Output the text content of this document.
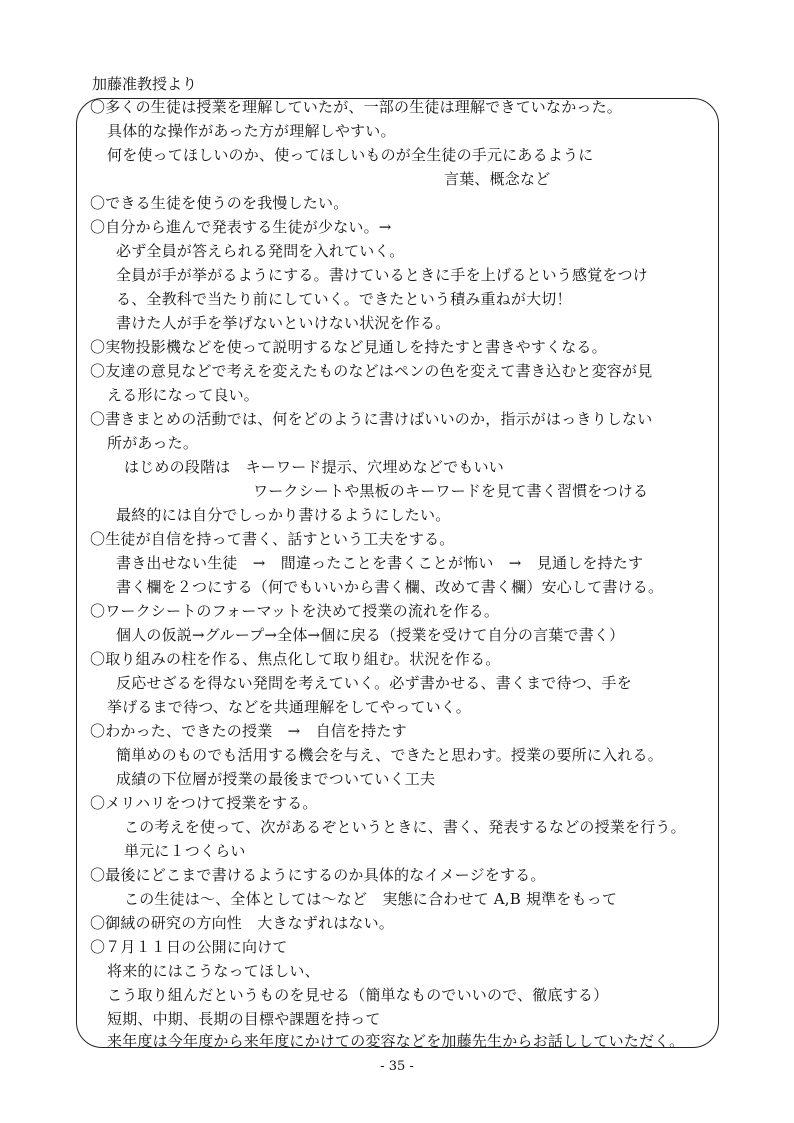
加藤准教授より
〇多くの生徒は授業を理解していたが、一部の生徒は理解できていなかった。
具体的な操作があった方が理解しやすい。
何を使ってほしいのか、使ってほしいものが全生徒の手元にあるように
言葉、概念など
〇できる生徒を使うのを我慢したい。
〇自分から進んで発表する生徒が少ない。→
必ず全員が答えられる発問を入れていく。
全員が手が挙がるようにする。書けているときに手を上げるという感覚をつけ
る、全教科で当たり前にしていく。できたという積み重ねが大切！
書けた人が手を挙げないといけない状況を作る。
〇実物投影機などを使って説明するなど見通しを持たすと書きやすくなる。
〇友達の意見などで考えを変えたものなどはペンの色を変えて書き込むと変容が見
える形になって良い。
〇書きまとめの活動では、何をどのように書けばいいのか，指示がはっきりしない
所があった。
はじめの段階は　キーワード提示、穴埋めなどでもいい
ワークシートや黒板のキーワードを見て書く習慣をつける
最終的には自分でしっかり書けるようにしたい。
〇生徒が自信を持って書く、話すという工夫をする。
書き出せない生徒　→　間違ったことを書くことが怖い　→　見通しを持たす
書く欄を２つにする（何でもいいから書く欄、改めて書く欄）安心して書ける。
〇ワークシートのフォーマットを決めて授業の流れを作る。
個人の仮説→グループ→全体→個に戻る（授業を受けて自分の言葉で書く）
〇取り組みの柱を作る、焦点化して取り組む。状況を作る。
反応せざるを得ない発問を考えていく。必ず書かせる、書くまで待つ、手を
挙げるまで待つ、などを共通理解をしてやっていく。
〇わかった、できたの授業　→　自信を持たす
簡単めのものでも活用する機会を与え、できたと思わす。授業の要所に入れる。
成績の下位層が授業の最後までついていく工夫
〇メリハリをつけて授業をする。
この考えを使って、次があるぞというときに、書く、発表するなどの授業を行う。
単元に１つくらい
〇最後にどこまで書けるようにするのか具体的なイメージをする。
この生徒は～、全体としては～など　実態に合わせて A,B 規準をもって
〇御絨の研究の方向性　大きなずれはない。
〇７月１１日の公開に向けて
将来的にはこうなってほしい、
こう取り組んだというものを見せる（簡単なものでいいので、徹底する）
短期、中期、長期の目標や課題を持って
来年度は今年度から来年度にかけての変容などを加藤先生からお話ししていただく。
- 35 -
